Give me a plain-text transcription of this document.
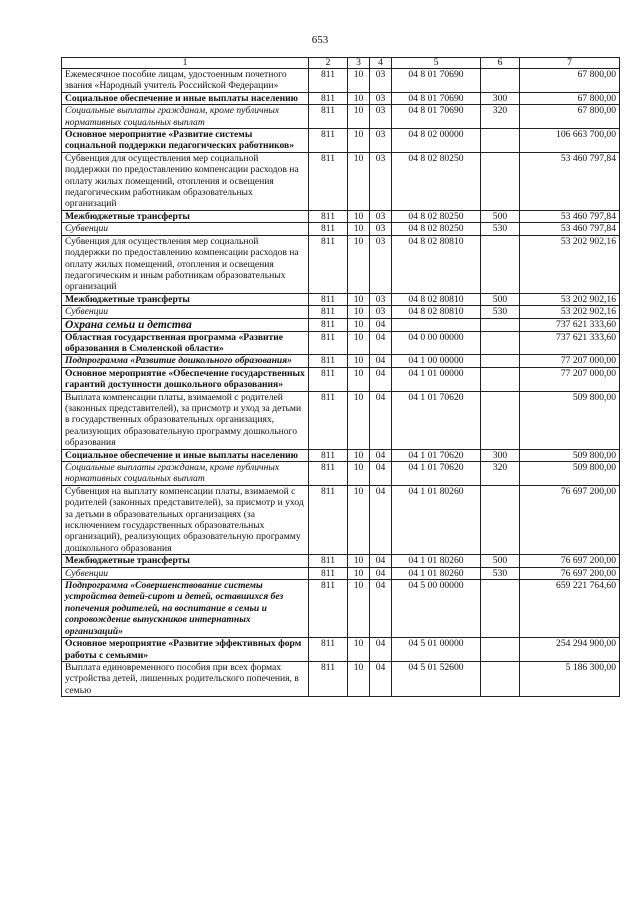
653
1	2	3	4	5	6	7
Ежемесячное пособие лицам, удостоенным почетного звания «Народный учитель Российской Федерации»	811	10	03	04 8 01 70690		67 800,00
Социальное обеспечение и иные выплаты населению	811	10	03	04 8 01 70690	300	67 800,00
Социальные выплаты гражданам, кроме публичных нормативных социальных выплат	811	10	03	04 8 01 70690	320	67 800,00
Основное мероприятие «Развитие системы социальной поддержки педагогических работников»	811	10	03	04 8 02 00000		106 663 700,00
Субвенция для осуществления мер социальной поддержки по предоставлению компенсации расходов на оплату жилых помещений, отопления и освещения педагогическим работникам образовательных организаций	811	10	03	04 8 02 80250		53 460 797,84
Межбюджетные трансферты	811	10	03	04 8 02 80250	500	53 460 797,84
Субвенции	811	10	03	04 8 02 80250	530	53 460 797,84
Субвенция для осуществления мер социальной поддержки по предоставлению компенсации расходов на оплату жилых помещений, отопления и освещения педагогическим и иным работникам образовательных организаций	811	10	03	04 8 02 80810		53 202 902,16
Межбюджетные трансферты	811	10	03	04 8 02 80810	500	53 202 902,16
Субвенции	811	10	03	04 8 02 80810	530	53 202 902,16
Охрана семьи и детства	811	10	04			737 621 333,60
Областная государственная программа «Развитие образования в Смоленской области»	811	10	04	04 0 00 00000		737 621 333,60
Подпрограмма «Развитие дошкольного образования»	811	10	04	04 1 00 00000		77 207 000,00
Основное мероприятие «Обеспечение государственных гарантий доступности дошкольного образования»	811	10	04	04 1 01 00000		77 207 000,00
Выплата компенсации платы, взимаемой с родителей (законных представителей), за присмотр и уход за детьми в государственных образовательных организациях, реализующих образовательную программу дошкольного образования	811	10	04	04 1 01 70620		509 800,00
Социальное обеспечение и иные выплаты населению	811	10	04	04 1 01 70620	300	509 800,00
Социальные выплаты гражданам, кроме публичных нормативных социальных выплат	811	10	04	04 1 01 70620	320	509 800,00
Субвенция на выплату компенсации платы, взимаемой с родителей (законных представителей), за присмотр и уход за детьми в образовательных организациях (за исключением государственных образовательных организаций), реализующих образовательную программу дошкольного образования	811	10	04	04 1 01 80260		76 697 200,00
Межбюджетные трансферты	811	10	04	04 1 01 80260	500	76 697 200,00
Субвенции	811	10	04	04 1 01 80260	530	76 697 200,00
Подпрограмма «Совершенствование системы устройства детей-сирот и детей, оставшихся без попечения родителей, на воспитание в семьи и сопровождение выпускников интернатных организаций»	811	10	04	04 5 00 00000		659 221 764,60
Основное мероприятие «Развитие эффективных форм работы с семьями»	811	10	04	04 5 01 00000		254 294 900,00
Выплата единовременного пособия при всех формах устройства детей, лишенных родительского попечения, в семью	811	10	04	04 5 01 52600		5 186 300,00
